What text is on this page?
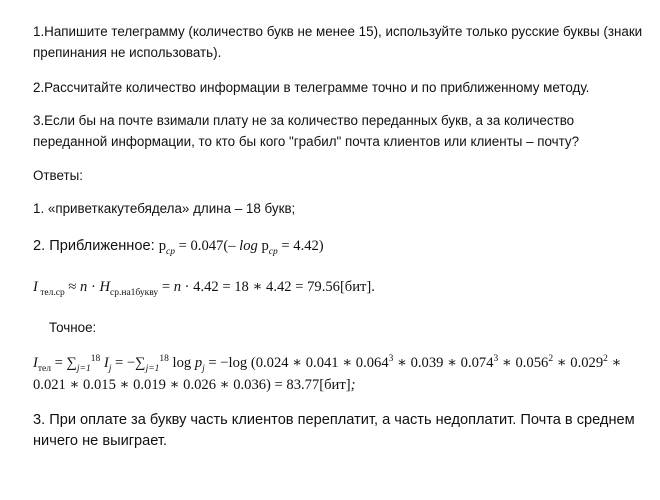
1.Напишите телеграмму (количество букв не менее 15), используйте только русские буквы (знаки препинания не использовать).
2.Рассчитайте количество информации в телеграмме точно и по приближенному методу.
3.Если бы на почте взимали плату не за количество переданных букв, а за количество переданной информации, то кто бы кого "грабил" почта клиентов или клиенты – почту?
Ответы:
1. «приветкакутебядела» длина – 18 букв;
2. Приближенное: $p_{ср} = 0.047(-$ $\log p_{ср} = 4.42$)
I $_{тел.ср} \approx n \cdot H_{ср.на1букву} = n \cdot 4.42 = 18$ ∗ 4.42 = 79.56[бит].
Точное:
$I_{тел} = \sum_{j=1}^{18}$ $I_j = -\sum_{j=1}^{18}$ $\log p_j = -\log$ (0.024 ∗ 0.041 ∗ 0.064$^3$ ∗ 0.039 ∗ 0.074$^3$ ∗ 0.056$^2$ ∗ 0.029$^2$ ∗
0.021 ∗ 0.015 ∗ 0.019 ∗ 0.026 ∗ 0.036) = 83.77[бит];
3. При оплате за букву часть клиентов переплатит, а часть недоплатит. Почта в среднем ничего не выиграет.
